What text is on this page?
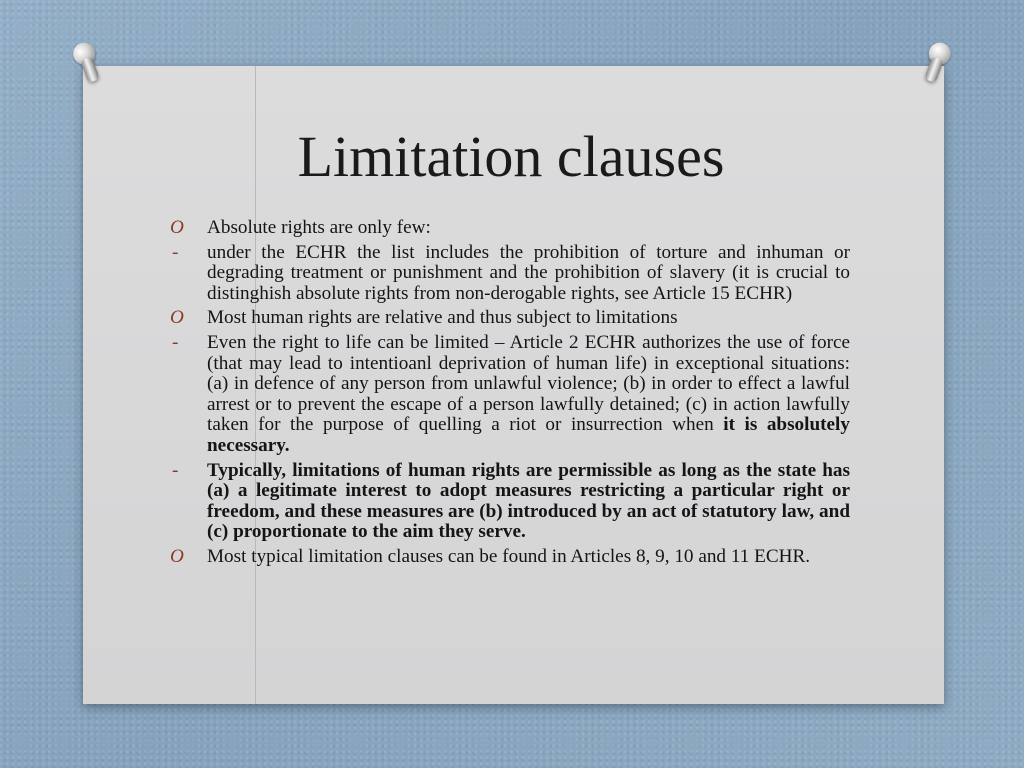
Limitation clauses
O	Absolute rights are only few:
-	under the ECHR the list includes the prohibition of torture and inhuman or degrading treatment or punishment and the prohibition of slavery (it is crucial to distinghish absolute rights from non-derogable rights, see Article 15 ECHR)
O	Most human rights are relative and thus subject to limitations
-	Even the right to life can be limited – Article 2 ECHR authorizes the use of force (that may lead to intentioanl deprivation of human life) in exceptional situations: (a) in defence of any person from unlawful violence; (b) in order to effect a lawful arrest or to prevent the escape of a person lawfully detained; (c) in action lawfully taken for the purpose of quelling a riot or insurrection when it is absolutely necessary.
-	Typically, limitations of human rights are permissible as long as the state has (a) a legitimate interest to adopt measures restricting a particular right or freedom, and these measures are (b) introduced by an act of statutory law, and (c) proportionate to the aim they serve.
O	Most typical limitation clauses can be found in Articles 8, 9, 10 and 11 ECHR.
